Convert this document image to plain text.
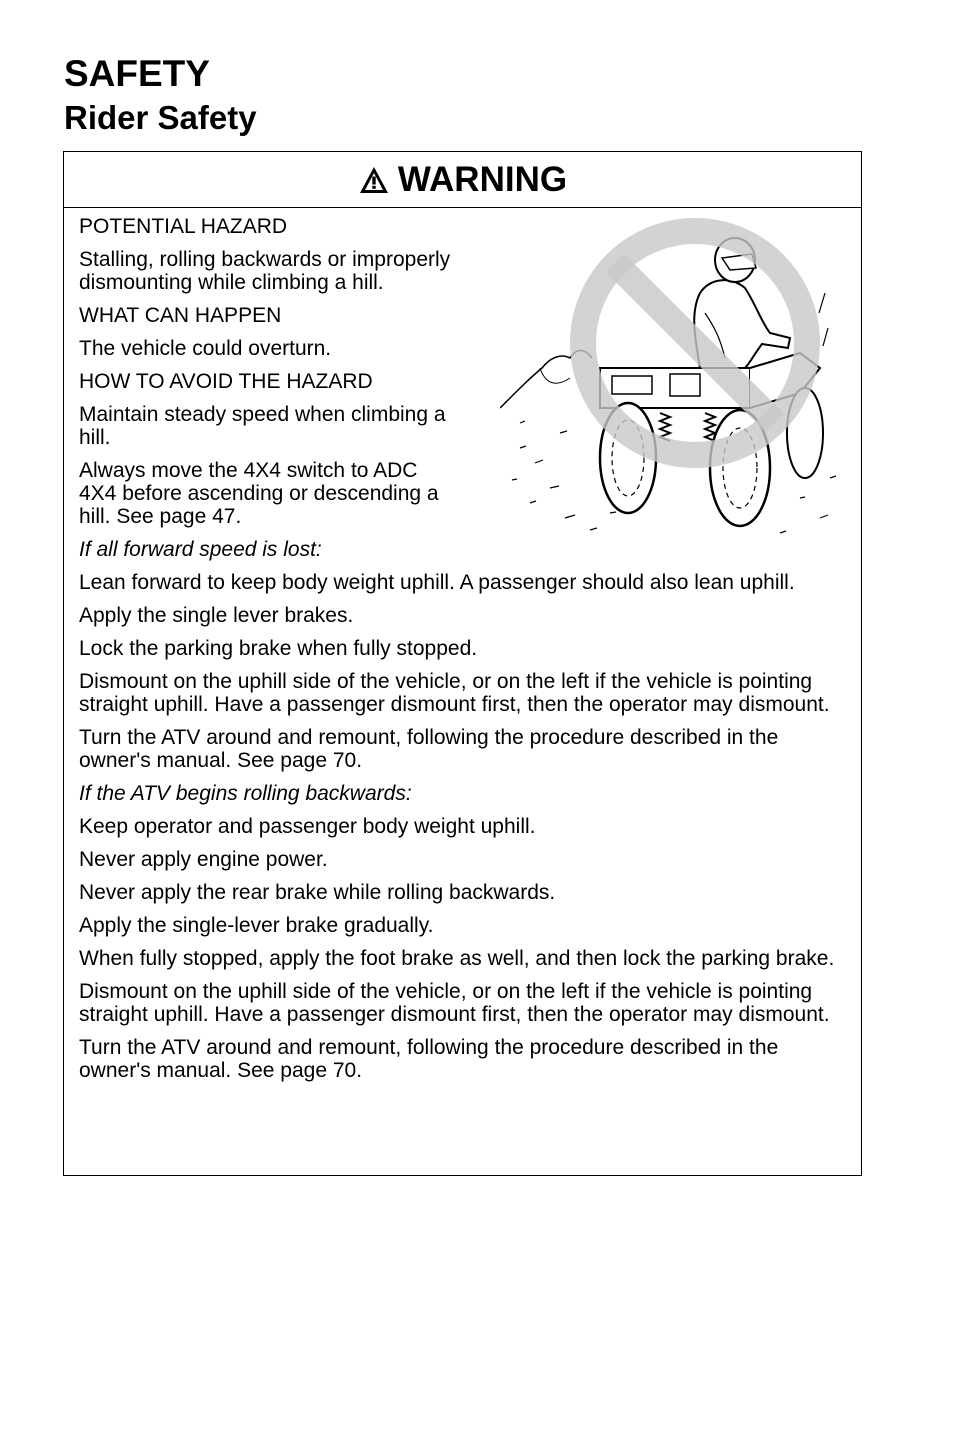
SAFETY
Rider Safety
WARNING

POTENTIAL HAZARD

Stalling, rolling backwards or improperly dismounting while climbing a hill.

WHAT CAN HAPPEN

The vehicle could overturn.

HOW TO AVOID THE HAZARD

Maintain steady speed when climbing a hill.

Always move the 4X4 switch to ADC 4X4 before ascending or descending a hill. See page 47.

If all forward speed is lost:

Lean forward to keep body weight uphill. A passenger should also lean uphill.

Apply the single lever brakes.

Lock the parking brake when fully stopped.

Dismount on the uphill side of the vehicle, or on the left if the vehicle is pointing straight uphill. Have a passenger dismount first, then the operator may dismount.

Turn the ATV around and remount, following the procedure described in the owner's manual. See page 70.

If the ATV begins rolling backwards:

Keep operator and passenger body weight uphill.

Never apply engine power.

Never apply the rear brake while rolling backwards.

Apply the single-lever brake gradually.

When fully stopped, apply the foot brake as well, and then lock the parking brake.

Dismount on the uphill side of the vehicle, or on the left if the vehicle is pointing straight uphill. Have a passenger dismount first, then the operator may dismount.

Turn the ATV around and remount, following the procedure described in the owner's manual. See page 70.
